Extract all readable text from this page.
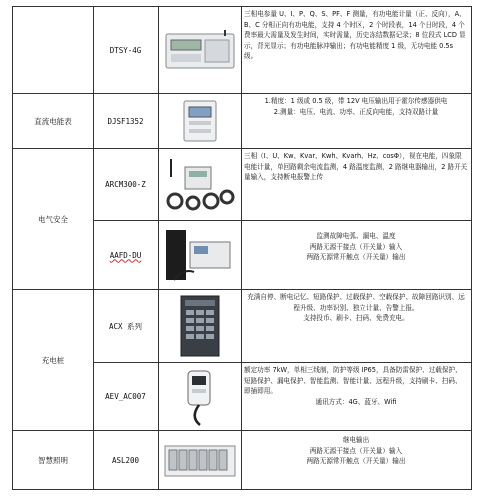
DTSY-4G
三相电参量 U、I、P、Q、S、PF、F 测量，有功电能计量（正、反向），A、B、C 分相正向有功电能，支持 4 个时区，2 个时段表，14 个日时段，4 个费率最大需量及发生时间，实时需量，历史冻结数据记录；8 位段式 LCD 显示，背光显示；有功电能脉冲输出；有功电能精度 1 级，无功电能 0.5s 级。
直流电能表	DJSF1352
1.精度：1 级或 0.5 级，带 12V 电压输出用于霍尔传感器供电
2.测量：电压、电流、功率、正反向电能，支持双路计量
电气安全
ARCM300-Z
三相（I、U、Kw、Kvar、Kwh、Kvarh、Hz、cosΦ），视在电能，四象限电能计量，单回路剩余电流监测，4 路温度监测，2 路继电器输出，2 路开关量输入，支持断电报警上传
AAFD-DU
监测故障电弧、漏电、温度
两路无源干接点（开关量）输入
两路无源常开触点（开关量）输出
充电桩
ACX 系列
充满自停、断电记忆、短路保护、过载保护、空载保护、故障回路识别、远程升级、功率识别、独立计量、告警上报。
支持投币、刷卡、扫码、免费充电。
AEV_AC007
额定功率 7kW，单相三线制，防护等级 IP65，具备防雷保护、过载保护、短路保护、漏电保护、智能监测、智能计量、远程升级，支持刷卡、扫码、即插即用。
通讯方式：4G、蓝牙、Wifi
智慧照明	ASL200
继电输出
两路无源干接点（开关量）输入
两路无源常开触点（开关量）输出
